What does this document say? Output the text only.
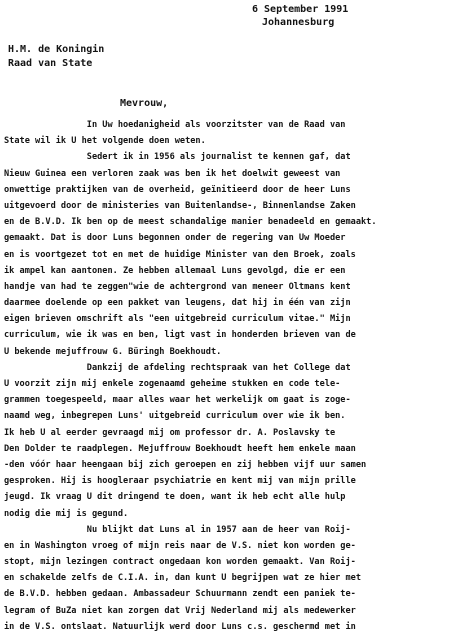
6 September 1991
Johannesburg
H.M. de Koningin
Raad van State
Mevrouw,
In Uw hoedanigheid als voorzitster van de Raad van
State wil ik U het volgende doen weten.
Sedert ik in 1956 als journalist te kennen gaf, dat
Nieuw Guinea een verloren zaak was ben ik het doelwit geweest van
onwettige praktijken van de overheid, geïnitieerd door de heer Luns
uitgevoerd door de ministeries van Buitenlandse-, Binnenlandse Zaken
en de B.V.D. Ik ben op de meest schandalige manier benadeeld en gemaakt.
gemaakt. Dat is door Luns begonnen onder de regering van Uw Moeder
en is voortgezet tot en met de huidige Minister van den Broek, zoals
ik ampel kan aantonen. Ze hebben allemaal Luns gevolgd, die er een
handje van had te zeggen"wie de achtergrond van meneer Oltmans kent
daarmee doelende op een pakket van leugens, dat hij in één van zijn
eigen brieven omschrift als "een uitgebreid curriculum vitae." Mijn
curriculum, wie ik was en ben, ligt vast in honderden brieven van de
U bekende mejuffrouw G. Büringh Boekhoudt.
Dankzij de afdeling rechtspraak van het College dat
U voorzit zijn mij enkele zogenaamd geheime stukken en code tele-
grammen toegespeeld, maar alles waar het werkelijk om gaat is zoge-
naamd weg, inbegrepen Luns' uitgebreid curriculum over wie ik ben.
Ik heb U al eerder gevraagd mij om professor dr. A. Poslavsky te
Den Dolder te raadplegen. Mejuffrouw Boekhoudt heeft hem enkele maan
-den vóór haar heengaan bij zich geroepen en zij hebben vijf uur samen
gesproken. Hij is hoogleraar psychiatrie en kent mij van mijn prille
jeugd. Ik vraag U dit dringend te doen, want ik heb echt alle hulp
nodig die mij is gegund.
Nu blijkt dat Luns al in 1957 aan de heer van Roij-
en in Washington vroeg of mijn reis naar de V.S. niet kon worden ge-
stopt, mijn lezingen contract ongedaan kon worden gemaakt. Van Roij-
en schakelde zelfs de C.I.A. in, dan kunt U begrijpen wat ze hier met
de B.V.D. hebben gedaan. Ambassadeur Schuurmann zendt een paniek te-
legram of BuZa niet kan zorgen dat Vrij Nederland mij als medewerker
in de V.S. ontslaat. Natuurlijk werd door Luns c.s. geschermd met in
